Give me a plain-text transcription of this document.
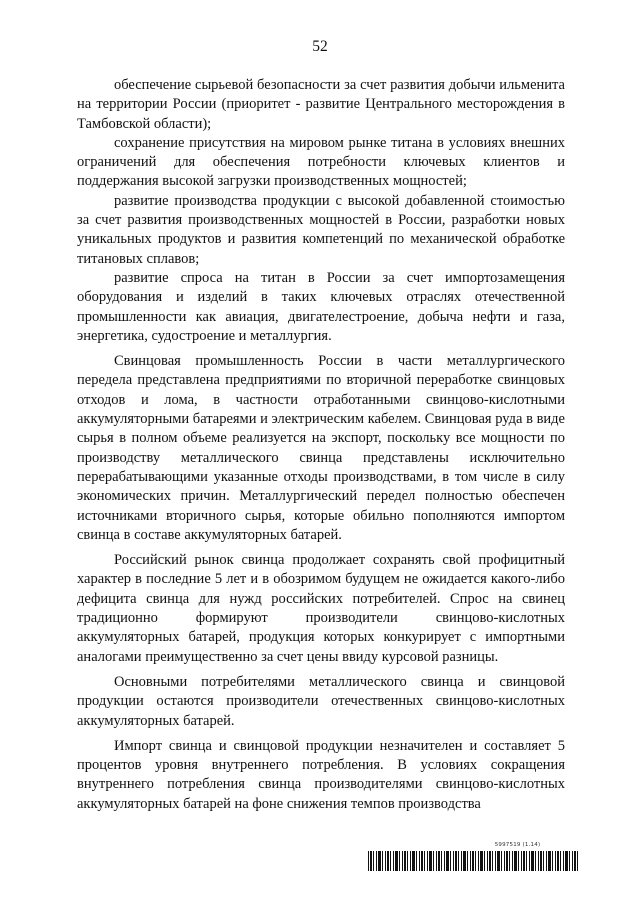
52

обеспечение сырьевой безопасности за счет развития добычи ильменита на территории России (приоритет - развитие Центрального месторождения в Тамбовской области);

сохранение присутствия на мировом рынке титана в условиях внешних ограничений для обеспечения потребности ключевых клиентов и поддержания высокой загрузки производственных мощностей;

развитие производства продукции с высокой добавленной стоимостью за счет развития производственных мощностей в России, разработки новых уникальных продуктов и развития компетенций по механической обработке титановых сплавов;

развитие спроса на титан в России за счет импортозамещения оборудования и изделий в таких ключевых отраслях отечественной промышленности как авиация, двигателестроение, добыча нефти и газа, энергетика, судостроение и металлургия.

Свинцовая промышленность России в части металлургического передела представлена предприятиями по вторичной переработке свинцовых отходов и лома, в частности отработанными свинцово-кислотными аккумуляторными батареями и электрическим кабелем. Свинцовая руда в виде сырья в полном объеме реализуется на экспорт, поскольку все мощности по производству металлического свинца представлены исключительно перерабатывающими указанные отходы производствами, в том числе в силу экономических причин. Металлургический передел полностью обеспечен источниками вторичного сырья, которые обильно пополняются импортом свинца в составе аккумуляторных батарей.

Российский рынок свинца продолжает сохранять свой профицитный характер в последние 5 лет и в обозримом будущем не ожидается какого-либо дефицита свинца для нужд российских потребителей. Спрос на свинец традиционно формируют производители свинцово-кислотных аккумуляторных батарей, продукция которых конкурирует с импортными аналогами преимущественно за счет цены ввиду курсовой разницы.

Основными потребителями металлического свинца и свинцовой продукции остаются производители отечественных свинцово-кислотных аккумуляторных батарей.

Импорт свинца и свинцовой продукции незначителен и составляет 5 процентов уровня внутреннего потребления. В условиях сокращения внутреннего потребления свинца производителями свинцово-кислотных аккумуляторных батарей на фоне снижения темпов производства

5997519 (1.14)
